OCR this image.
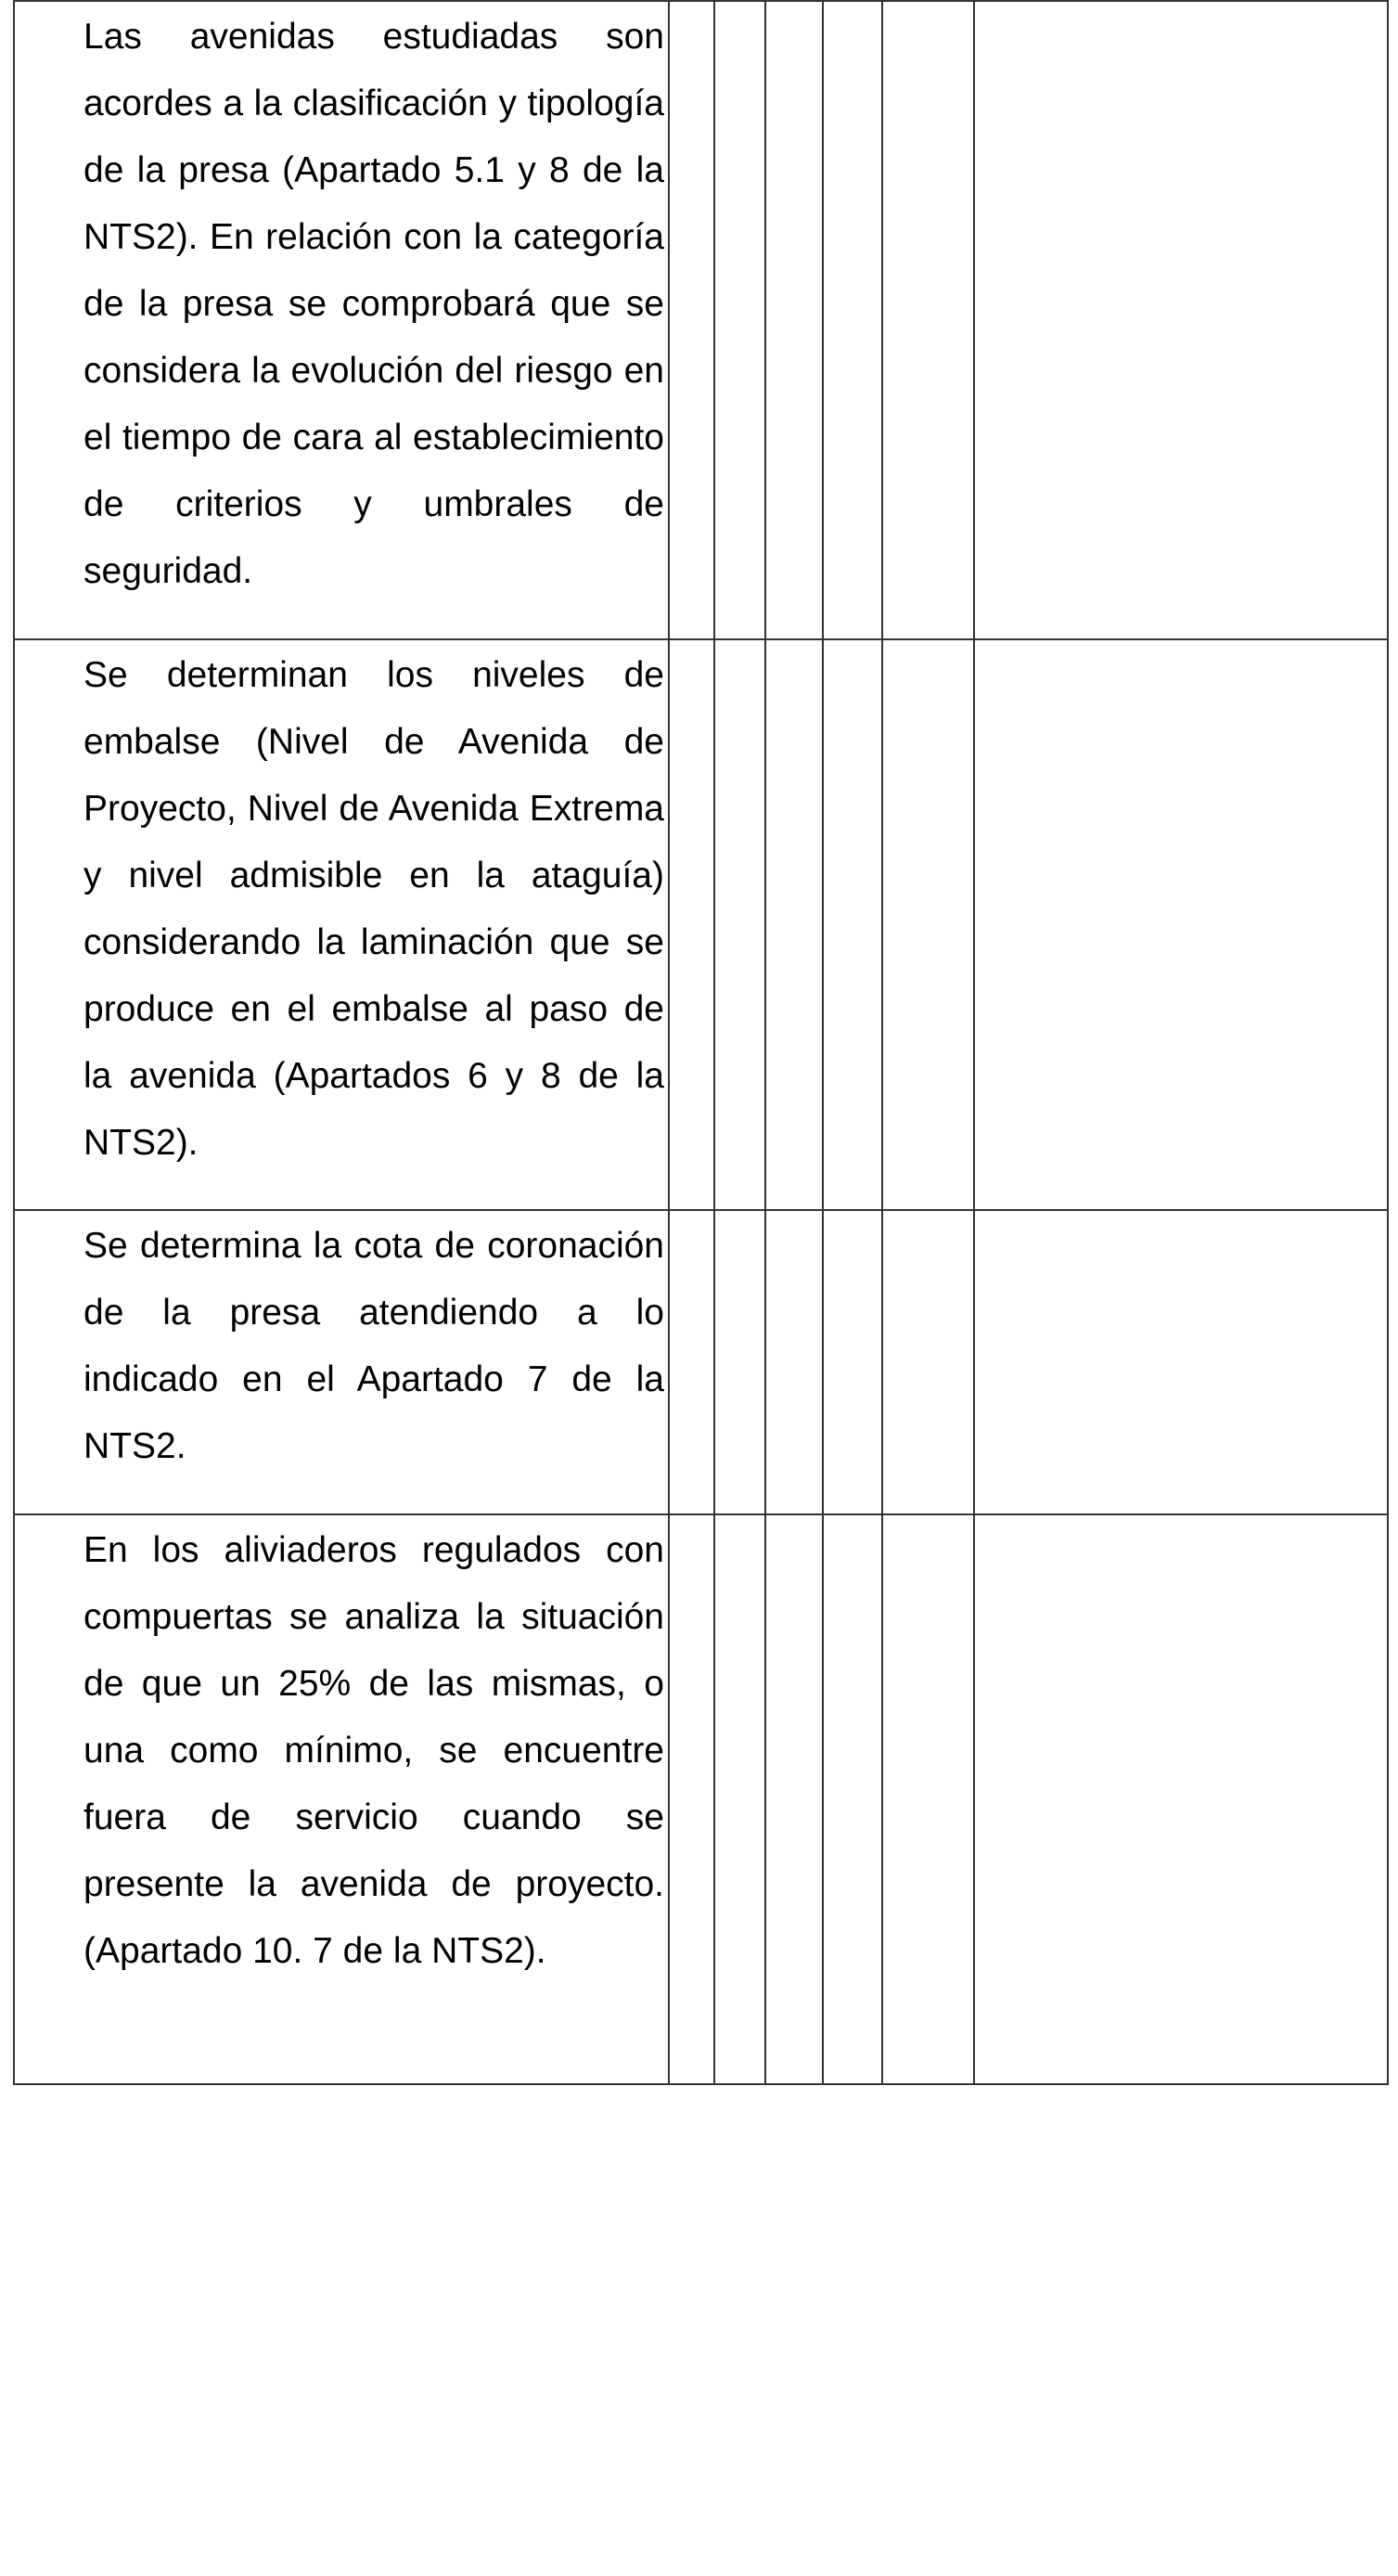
Las avenidas estudiadas son acordes a la clasificación y tipología de la presa (Apartado 5.1 y 8 de la NTS2). En relación con la categoría de la presa se comprobará que se considera la evolución del riesgo en el tiempo de cara al establecimiento de criterios y umbrales de seguridad.						

Se determinan los niveles de embalse (Nivel de Avenida de Proyecto, Nivel de Avenida Extrema y nivel admisible en la ataguía) considerando la laminación que se produce en el embalse al paso de la avenida (Apartados 6 y 8 de la NTS2).						

Se determina la cota de coronación de la presa atendiendo a lo indicado en el Apartado 7 de la NTS2.						

En los aliviaderos regulados con compuertas se analiza la situación de que un 25% de las mismas, o una como mínimo, se encuentre fuera de servicio cuando se presente la avenida de proyecto. (Apartado 10. 7 de la NTS2).						
